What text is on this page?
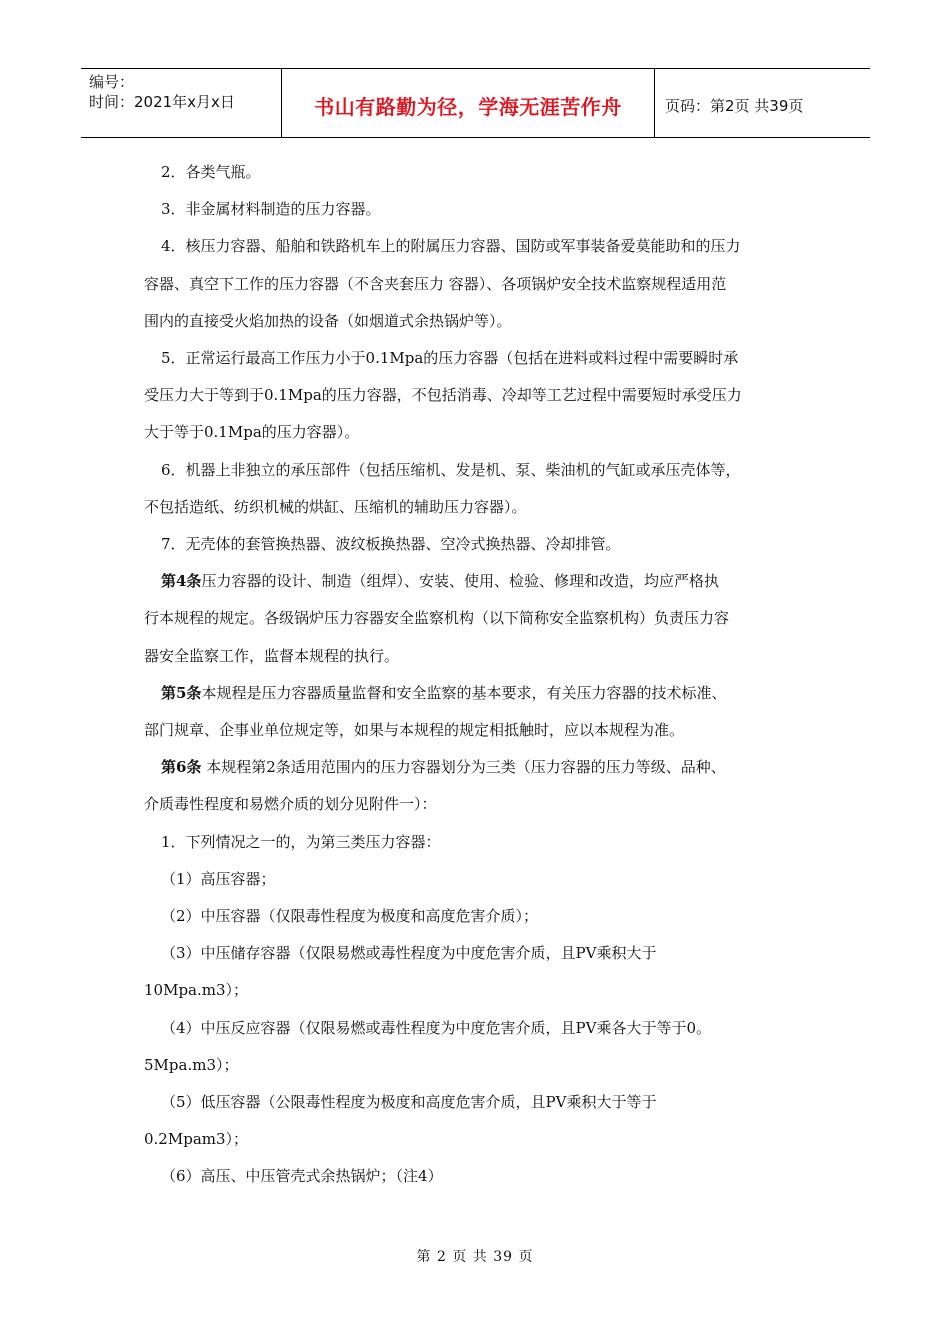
编号：
时间：2021年x月x日	书山有路勤为径，学海无涯苦作舟	页码：第2页 共39页

2．各类气瓶。

3．非金属材料制造的压力容器。

4．核压力容器、船舶和铁路机车上的附属压力容器、国防或军事装备爱莫能助和的压力

容器、真空下工作的压力容器（不含夹套压力 容器）、各项锅炉安全技术监察规程适用范

围内的直接受火焰加热的设备（如烟道式余热锅炉等）。

5．正常运行最高工作压力小于0.1Mpa的压力容器（包括在进料或料过程中需要瞬时承

受压力大于等到于0.1Mpa的压力容器，不包括消毒、冷却等工艺过程中需要短时承受压力

大于等于0.1Mpa的压力容器）。

6．机器上非独立的承压部件（包括压缩机、发是机、泵、柴油机的气缸或承压壳体等，

不包括造纸、纺织机械的烘缸、压缩机的辅助压力容器）。

7．无壳体的套管换热器、波纹板换热器、空冷式换热器、冷却排管。

第4条压力容器的设计、制造（组焊）、安装、使用、检验、修理和改造，均应严格执

行本规程的规定。各级锅炉压力容器安全监察机构（以下简称安全监察机构）负责压力容

器安全监察工作，监督本规程的执行。

第5条本规程是压力容器质量监督和安全监察的基本要求，有关压力容器的技术标准、

部门规章、企事业单位规定等，如果与本规程的规定相抵触时，应以本规程为准。

第6条 本规程第2条适用范围内的压力容器划分为三类（压力容器的压力等级、品种、

介质毒性程度和易燃介质的划分见附件一）：

1．下列情况之一的，为第三类压力容器：

（1）高压容器；

（2）中压容器（仅限毒性程度为极度和高度危害介质）；

（3）中压储存容器（仅限易燃或毒性程度为中度危害介质，且PV乘积大于

10Mpa.m3）；

（4）中压反应容器（仅限易燃或毒性程度为中度危害介质，且PV乘各大于等于0。

5Mpa.m3）；

（5）低压容器（公限毒性程度为极度和高度危害介质，且PV乘积大于等于

0.2Mpam3）；

（6）高压、中压管壳式余热锅炉；（注4）

第 2 页 共 39 页
